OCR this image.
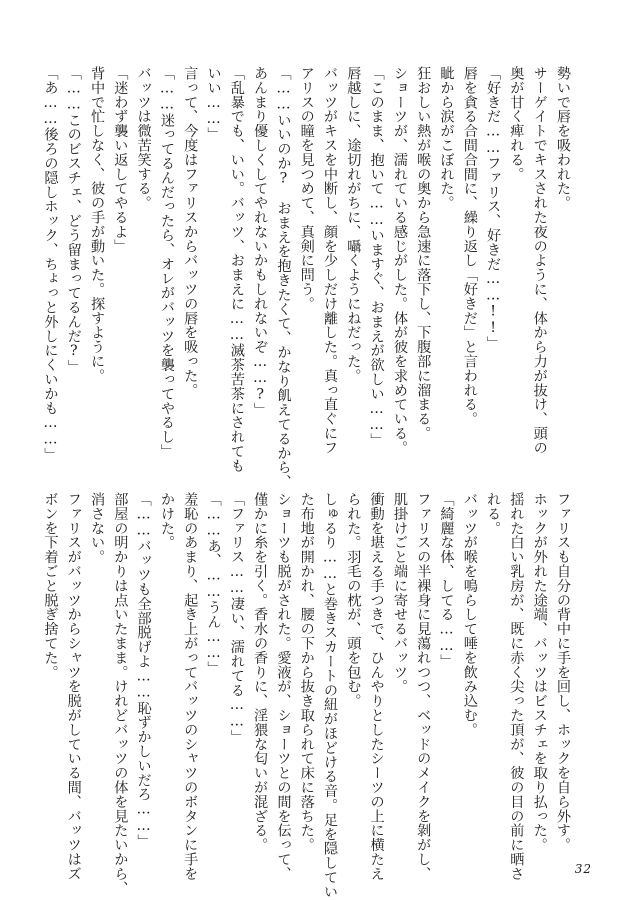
勢いで唇を吸われた。
サーゲイトでキスされた夜のように、体から力が抜け、頭の
奥が甘く痺れる。
「好きだ……ファリス、好きだ……!!」
唇を貪る合間合間に、繰り返し「好きだ」と言われる。
眦から涙がこぼれた。
狂おしい熱が喉の奥から急速に落下し、下腹部に溜まる。
ショーツが、濡れている感じがした。体が彼を求めている。
「このまま、抱いて……いますぐ、おまえが欲しい……」
唇越しに、途切れがちに、囁くようにねだった。
バッツがキスを中断し、顔を少しだけ離した。真っ直ぐにフ
アリスの瞳を見つめて、真剣に問う。
「……いいのか?　おまえを抱きたくて、かなり飢えてるから、
あんまり優しくしてやれないかもしれないぞ……?」
「乱暴でも、いい。バッツ、おまえに……滅茶苦茶にされても
いい……」
言って、今度はファリスからバッツの唇を吸った。
「……迷ってるんだったら、オレがバッツを襲ってやるし」
バッツは微苦笑する。
「迷わず襲い返してやるよ」
背中で忙しなく、彼の手が動いた。探すように。
「……このビスチェ、どう留まってるんだ?」
「あ……後ろの隠しホック、ちょっと外しにくいかも……」
ファリスも自分の背中に手を回し、ホックを自ら外す。
ホックが外れた途端、バッツはビスチェを取り払った。
揺れた白い乳房が、既に赤く尖った頂が、彼の目の前に晒さ
れる。
バッツが喉を鳴らして唾を飲み込む。
「綺麗な体、してる……」
ファリスの半裸身に見蕩れつつ、ベッドのメイクを剝がし、
肌掛けごと端に寄せるバッツ。
衝動を堪える手つきで、ひんやりとしたシーツの上に横たえ
られた。羽毛の枕が、頭を包む。
しゅるり……と巻きスカートの紐がほどける音。足を隠してい
た布地が開かれ、腰の下から抜き取られて床に落ちた。
ショーツも脱がされた。愛液が、ショーツとの間を伝って、
僅かに糸を引く。香水の香りに、淫猥な匂いが混ざる。
「ファリス……凄い、濡れてる……」
「……あ、……うん……」
羞恥のあまり、起き上がってバッツのシャツのボタンに手を
かけた。
「……バッツも全部脱げよ……恥ずかしいだろ……」
部屋の明かりは点いたまま。けれどバッツの体を見たいから、
消さない。
ファリスがバッツからシャツを脱がしている間、バッツはズ
ボンを下着ごと脱ぎ捨てた。
32
